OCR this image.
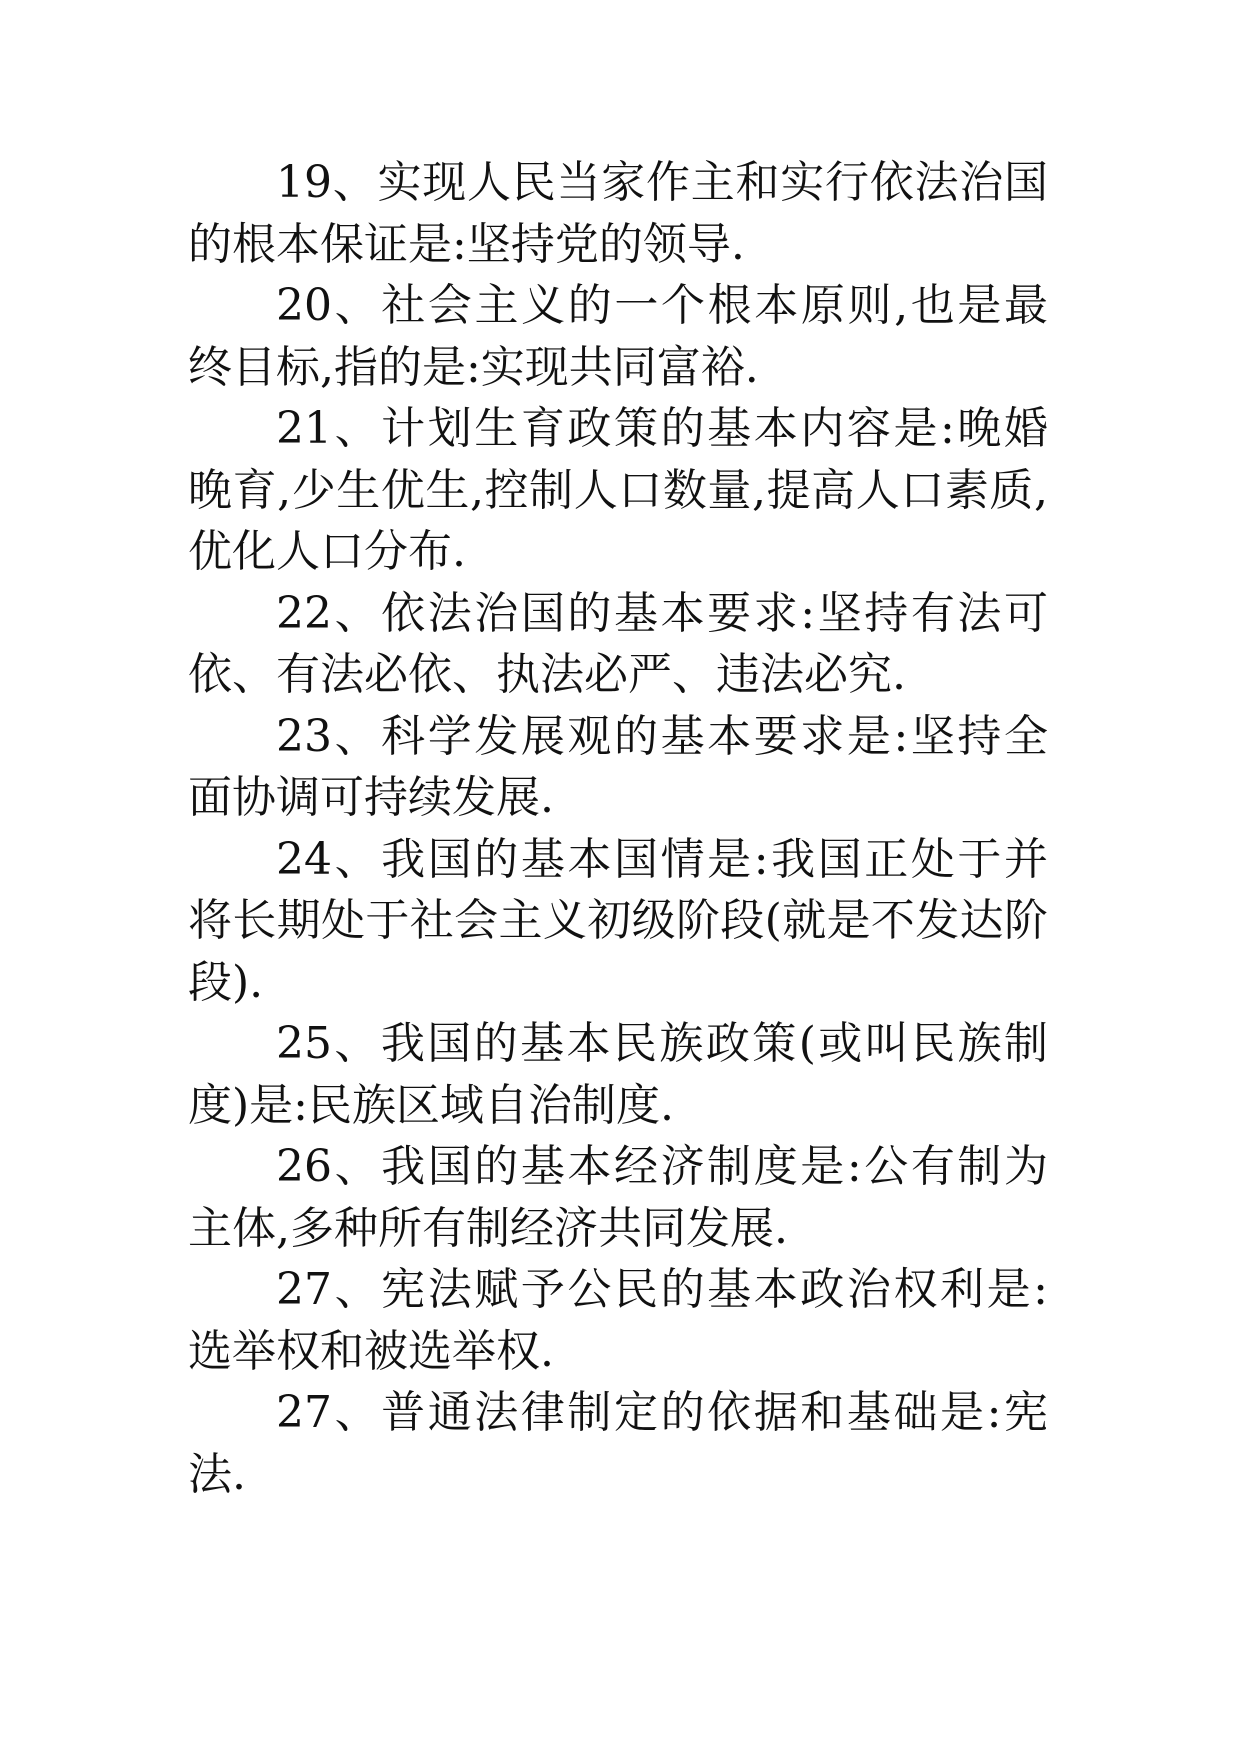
19、实现人民当家作主和实行依法治国的根本保证是:坚持党的领导.

20、社会主义的一个根本原则,也是最终目标,指的是:实现共同富裕.

21、计划生育政策的基本内容是:晚婚晚育,少生优生,控制人口数量,提高人口素质,优化人口分布.

22、依法治国的基本要求:坚持有法可依、有法必依、执法必严、违法必究.

23、科学发展观的基本要求是:坚持全面协调可持续发展.

24、我国的基本国情是:我国正处于并将长期处于社会主义初级阶段(就是不发达阶段).

25、我国的基本民族政策(或叫民族制度)是:民族区域自治制度.

26、我国的基本经济制度是:公有制为主体,多种所有制经济共同发展.

27、宪法赋予公民的基本政治权利是:选举权和被选举权.

27、普通法律制定的依据和基础是:宪法.
